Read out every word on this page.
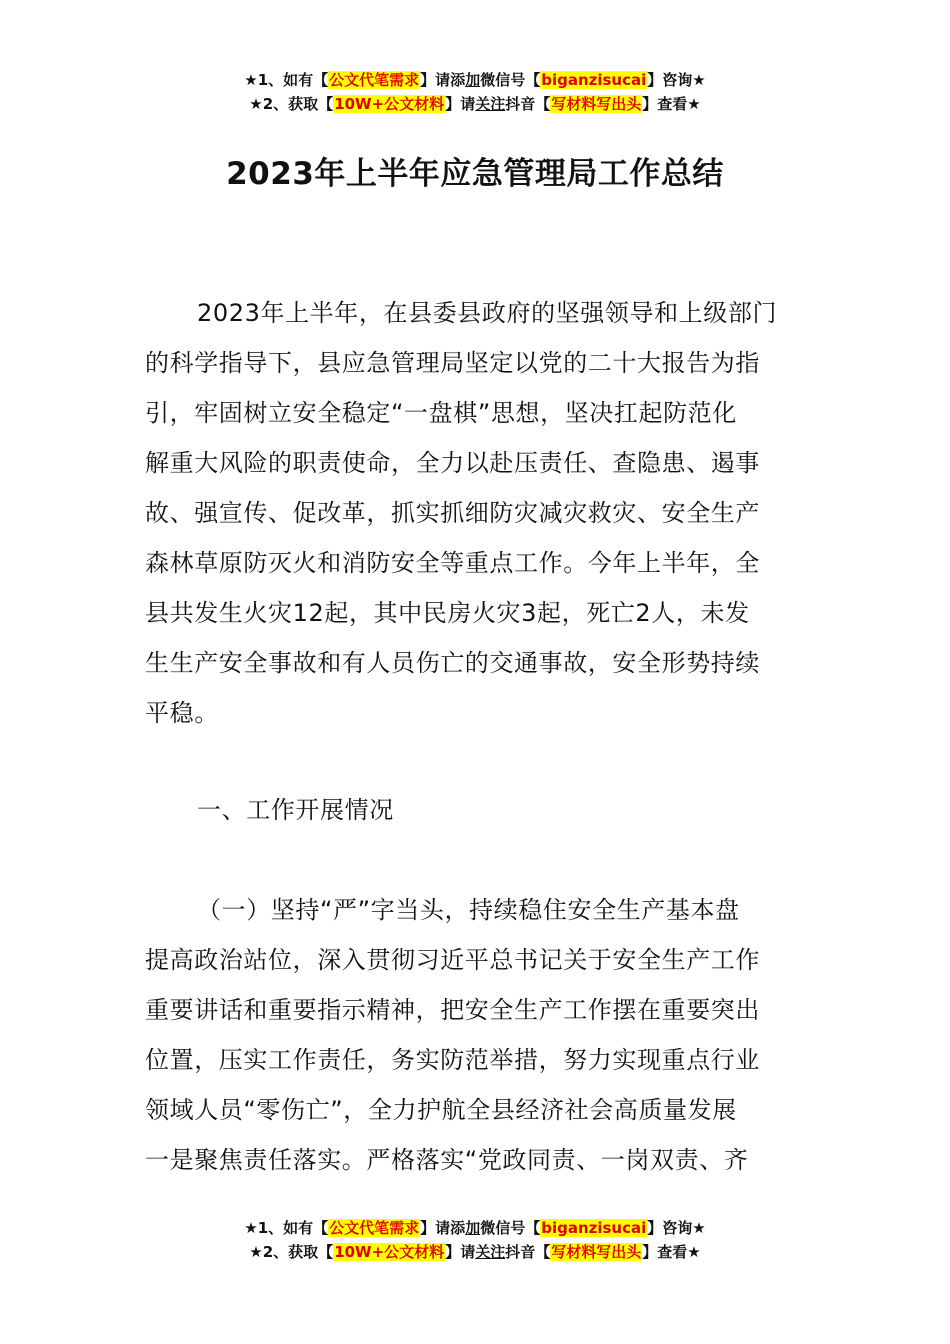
★1、如有【公文代笔需求】请添加微信号【biganzisucai】咨询★
★2、获取【10W+公文材料】请关注抖音【写材料写出头】查看★
2023年上半年应急管理局工作总结
2023年上半年，在县委县政府的坚强领导和上级部门
的科学指导下，县应急管理局坚定以党的二十大报告为指
引，牢固树立安全稳定“一盘棋”思想，坚决扛起防范化
解重大风险的职责使命，全力以赴压责任、查隐患、遏事
故、强宣传、促改革，抓实抓细防灾减灾救灾、安全生产
森林草原防灭火和消防安全等重点工作。今年上半年，全
县共发生火灾12起，其中民房火灾3起，死亡2人，未发
生生产安全事故和有人员伤亡的交通事故，安全形势持续
平稳。
一、工作开展情况
（一）坚持“严”字当头，持续稳住安全生产基本盘
提高政治站位，深入贯彻习近平总书记关于安全生产工作
重要讲话和重要指示精神，把安全生产工作摆在重要突出
位置，压实工作责任，务实防范举措，努力实现重点行业
领域人员“零伤亡”，全力护航全县经济社会高质量发展
一是聚焦责任落实。严格落实“党政同责、一岗双责、齐
★1、如有【公文代笔需求】请添加微信号【biganzisucai】咨询★
★2、获取【10W+公文材料】请关注抖音【写材料写出头】查看★
